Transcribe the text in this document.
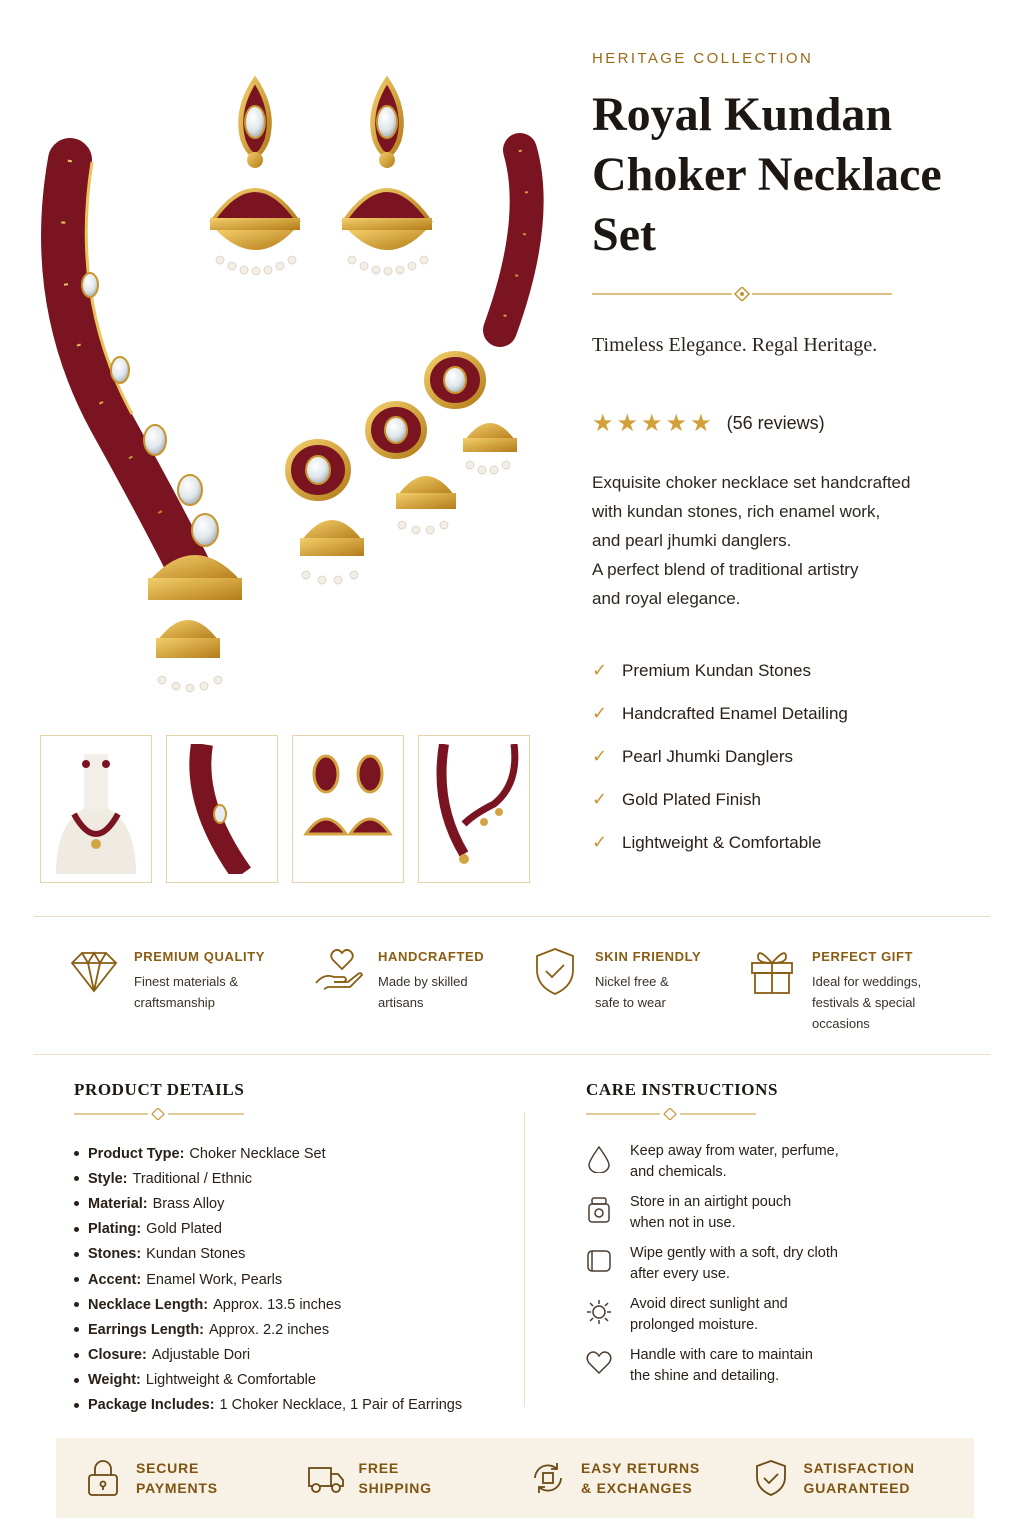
HERITAGE COLLECTION
Royal Kundan
Choker Necklace Set
Timeless Elegance. Regal Heritage.
★★★★★ (56 reviews)

Exquisite choker necklace set handcrafted

with kundan stones, rich enamel work,

and pearl jhumki danglers.

A perfect blend of traditional artistry

and royal elegance.

✓ Premium Kundan Stones
✓ Handcrafted Enamel Detailing
✓ Pearl Jhumki Danglers
✓ Gold Plated Finish
✓ Lightweight & Comfortable
PREMIUM QUALITY

Finest materials & craftsmanship

HANDCRAFTED

Made by skilled artisans

SKIN FRIENDLY

Nickel free & safe to wear

PERFECT GIFT

Ideal for weddings, festivals & special occasions

PRODUCT DETAILS
Product Type: Choker Necklace Set
Style: Traditional / Ethnic
Material: Brass Alloy
Plating: Gold Plated
Stones: Kundan Stones
Accent: Enamel Work, Pearls
Necklace Length: Approx. 13.5 inches
Earrings Length: Approx. 2.2 inches
Closure: Adjustable Dori
Weight: Lightweight & Comfortable
Package Includes: 1 Choker Necklace, 1 Pair of Earrings
CARE INSTRUCTIONS
Keep away from water, perfume,
and chemicals.
Store in an airtight pouch
when not in use.
Wipe gently with a soft, dry cloth
after every use.
Avoid direct sunlight and
prolonged moisture.
Handle with care to maintain
the shine and detailing.
SECURE
PAYMENTS
FREE
SHIPPING
EASY RETURNS
& EXCHANGES
SATISFACTION
GUARANTEED
